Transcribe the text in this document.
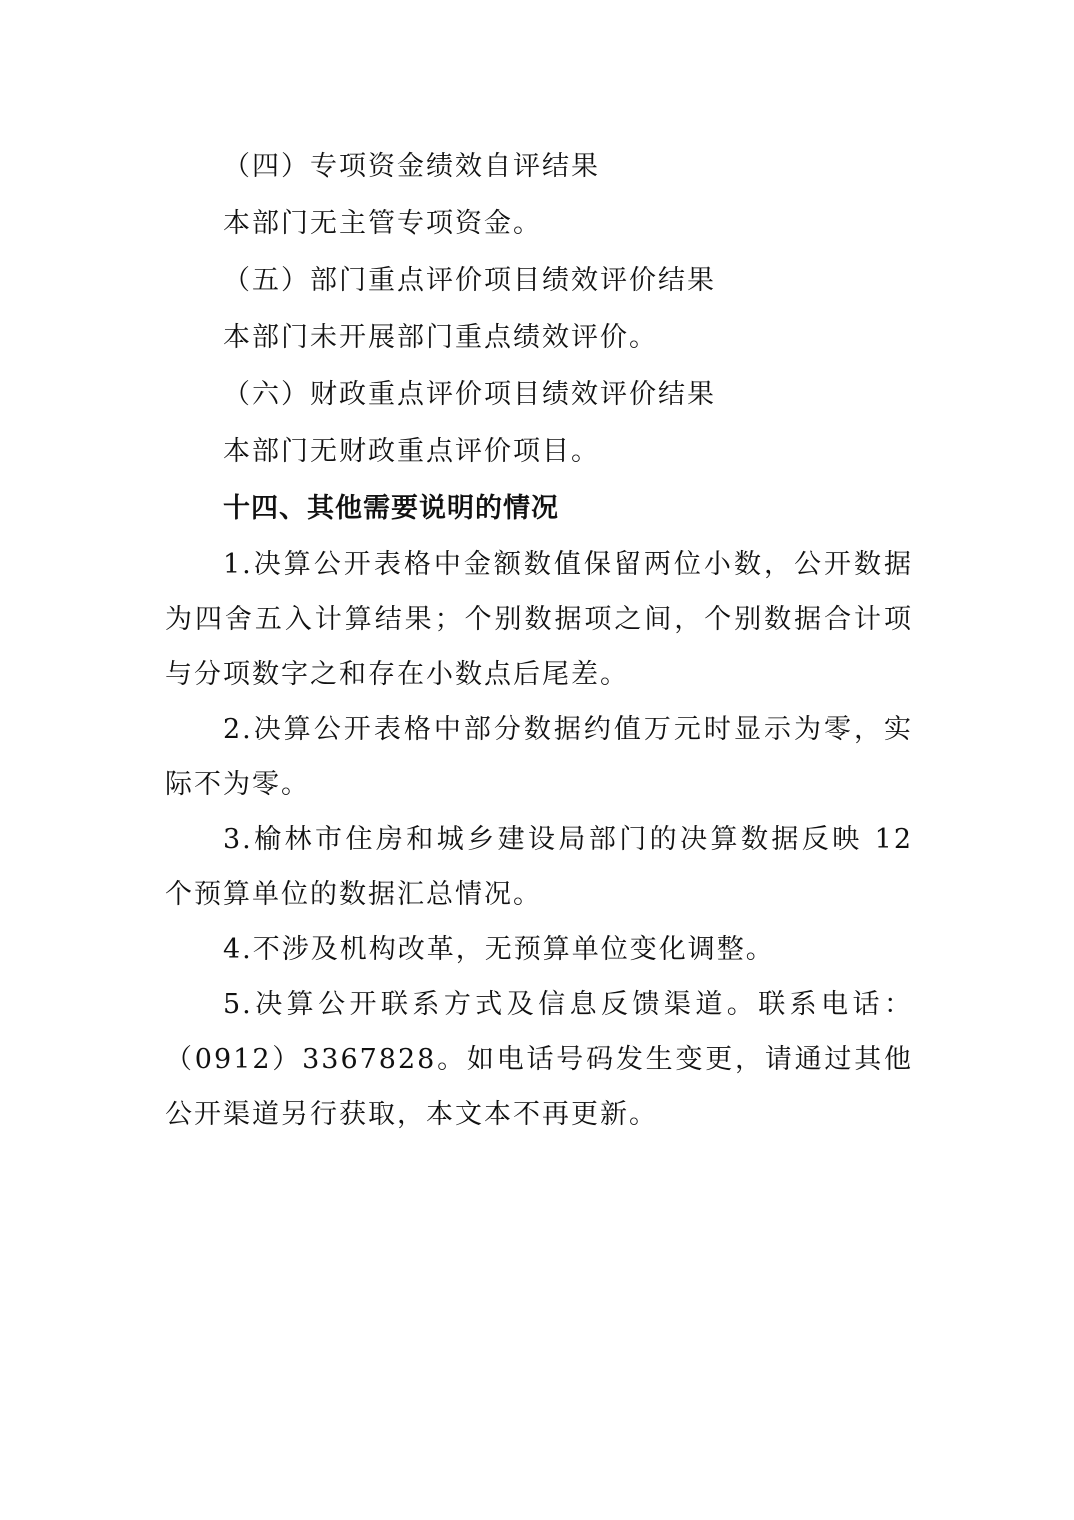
（四）专项资金绩效自评结果

本部门无主管专项资金。

（五）部门重点评价项目绩效评价结果

本部门未开展部门重点绩效评价。

（六）财政重点评价项目绩效评价结果

本部门无财政重点评价项目。

十四、其他需要说明的情况

1.决算公开表格中金额数值保留两位小数，公开数据为四舍五入计算结果；个别数据项之间，个别数据合计项与分项数字之和存在小数点后尾差。

2.决算公开表格中部分数据约值万元时显示为零，实际不为零。

3.榆林市住房和城乡建设局部门的决算数据反映 12 个预算单位的数据汇总情况。

4.不涉及机构改革，无预算单位变化调整。

5.决算公开联系方式及信息反馈渠道。联系电话：（0912）3367828。如电话号码发生变更，请通过其他公开渠道另行获取，本文本不再更新。
